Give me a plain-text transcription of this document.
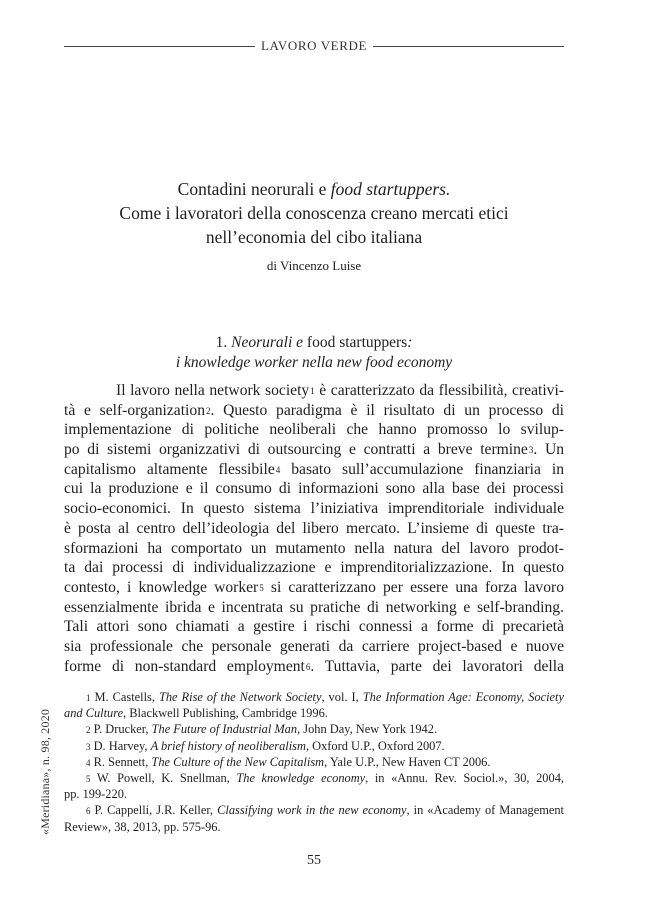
LAVORO VERDE
Contadini neorurali e food startuppers.
Come i lavoratori della conoscenza creano mercati etici
nell’economia del cibo italiana
di Vincenzo Luise
1. Neorurali e food startuppers:
i knowledge worker nella new food economy
Il lavoro nella network society$^1$ è caratterizzato da flessibilità, creativi-
tà e self-organization$^2$. Questo paradigma è il risultato di un processo di
implementazione di politiche neoliberali che hanno promosso lo svilup-
po di sistemi organizzativi di outsourcing e contratti a breve termine$^3$. Un
capitalismo altamente flessibile$^4$ basato sull’accumulazione finanziaria in
cui la produzione e il consumo di informazioni sono alla base dei processi
socio-economici. In questo sistema l’iniziativa imprenditoriale individuale
è posta al centro dell’ideologia del libero mercato. L’insieme di queste tra-
sformazioni ha comportato un mutamento nella natura del lavoro prodot-
ta dai processi di individualizzazione e imprenditorializzazione. In questo
contesto, i knowledge worker$^5$ si caratterizzano per essere una forza lavoro
essenzialmente ibrida e incentrata su pratiche di networking e self-branding.
Tali attori sono chiamati a gestire i rischi connessi a forme di precarietà
sia professionale che personale generati da carriere project-based e nuove
forme di non-standard employment$^6$. Tuttavia, parte dei lavoratori della
$^1$ M. Castells, The Rise of the Network Society, vol. I, The Information Age: Economy, Society
and Culture, Blackwell Publishing, Cambridge 1996.
$^2$ P. Drucker, The Future of Industrial Man, John Day, New York 1942.
$^3$ D. Harvey, A brief history of neoliberalism, Oxford U.P., Oxford 2007.
$^4$ R. Sennett, The Culture of the New Capitalism, Yale U.P., New Haven CT 2006.
$^5$ W. Powell, K. Snellman, The knowledge economy, in «Annu. Rev. Sociol.», 30, 2004,
pp. 199-220.
$^6$ P. Cappelli, J.R. Keller, Classifying work in the new economy, in «Academy of Management
Review», 38, 2013, pp. 575-96.
«Meridiana», n. 98, 2020
55
